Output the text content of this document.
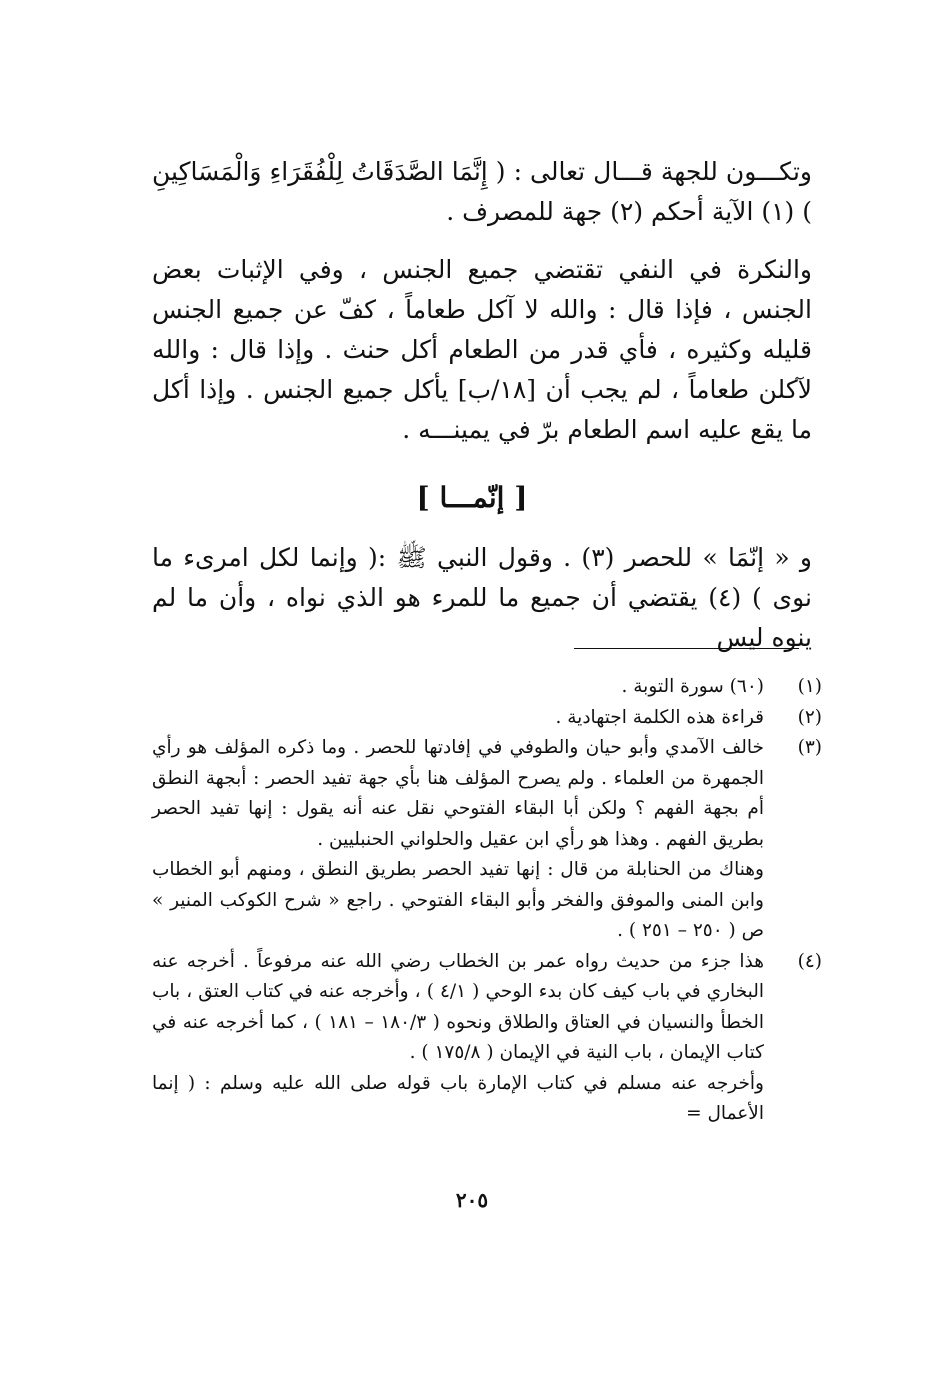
وتكـــون للجهة قـــال تعالى : ( إِنَّمَا الصَّدَقَاتُ لِلْفُقَرَاءِ وَالْمَسَاكِينِ ) (١) الآية أحكم (٢) جهة للمصرف .
والنكرة في النفي تقتضي جميع الجنس ، وفي الإثبات بعض الجنس ، فإذا قال : والله لا آكل طعاماً ، كفّ عن جميع الجنس قليله وكثيره ، فأي قدر من الطعام أكل حنث . وإذا قال : والله لآكلن طعاماً ، لم يجب أن [١٨/ب] يأكل جميع الجنس . وإذا أكل ما يقع عليه اسم الطعام برّ في يمينـــه .
[ إنّمـــا ]
و « إنّمَا » للحصر (٣) . وقول النبي ﷺ :( وإنما لكل امرىء ما نوى ) (٤) يقتضي أن جميع ما للمرء هو الذي نواه ، وأن ما لم ينوه ليس
(١)

(٦٠) سورة التوبة .

(٢)

قراءة هذه الكلمة اجتهادية .

(٣)

خالف الآمدي وأبو حيان والطوفي في إفادتها للحصر . وما ذكره المؤلف هو رأي الجمهرة من العلماء . ولم يصرح المؤلف هنا بأي جهة تفيد الحصر : أبجهة النطق أم بجهة الفهم ؟ ولكن أبا البقاء الفتوحي نقل عنه أنه يقول : إنها تفيد الحصر بطريق الفهم . وهذا هو رأي ابن عقيل والحلواني الحنبليين .

وهناك من الحنابلة من قال : إنها تفيد الحصر بطريق النطق ، ومنهم أبو الخطاب وابن المنى والموفق والفخر وأبو البقاء الفتوحي . راجع « شرح الكوكب المنير » ص ( ٢٥٠ – ٢٥١ ) .

(٤)

هذا جزء من حديث رواه عمر بن الخطاب رضي الله عنه مرفوعاً . أخرجه عنه البخاري في باب كيف كان بدء الوحي ( ٤/١ ) ، وأخرجه عنه في كتاب العتق ، باب الخطأ والنسيان في العتاق والطلاق ونحوه ( ١٨٠/٣ – ١٨١ ) ، كما أخرجه عنه في كتاب الإيمان ، باب النية في الإيمان ( ١٧٥/٨ ) .

وأخرجه عنه مسلم في كتاب الإمارة باب قوله صلى الله عليه وسلم : ( إنما الأعمال =

٢٠٥
